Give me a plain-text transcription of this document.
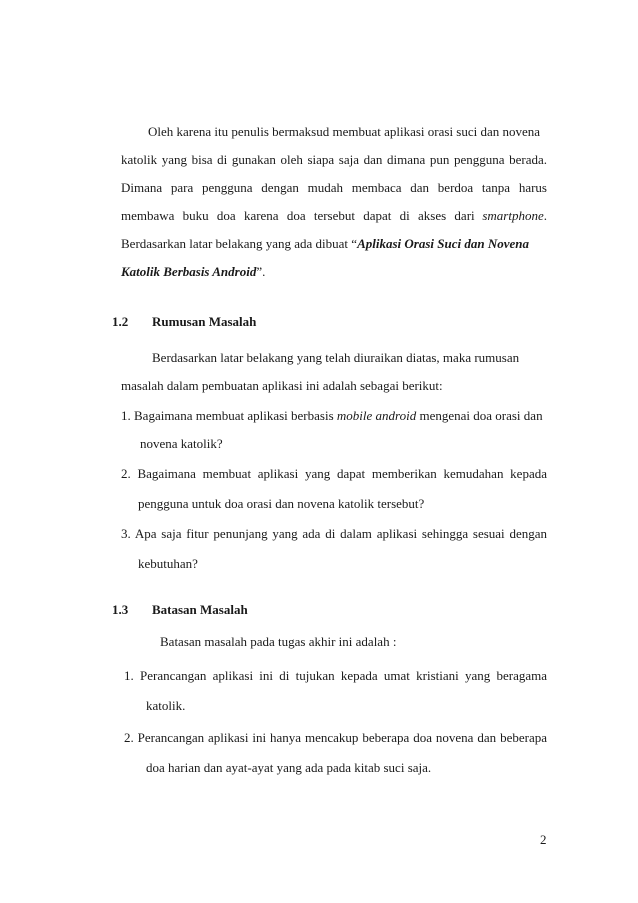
Oleh karena itu penulis bermaksud membuat aplikasi orasi suci dan novena
katolik yang bisa di gunakan oleh siapa saja dan dimana pun pengguna berada.
Dimana para pengguna dengan mudah membaca dan berdoa tanpa harus
membawa buku doa karena doa tersebut dapat di akses dari smartphone.
Berdasarkan latar belakang yang ada dibuat “Aplikasi Orasi Suci dan Novena
Katolik Berbasis Android”.
1.2 Rumusan Masalah
Berdasarkan latar belakang yang telah diuraikan diatas, maka rumusan
masalah dalam pembuatan aplikasi ini adalah sebagai berikut:
1. Bagaimana membuat aplikasi berbasis mobile android mengenai doa orasi dan
novena katolik?
2. Bagaimana membuat aplikasi yang dapat memberikan kemudahan kepada
pengguna untuk doa orasi dan novena katolik tersebut?
3. Apa saja fitur penunjang yang ada di dalam aplikasi sehingga sesuai dengan
kebutuhan?
1.3 Batasan Masalah
Batasan masalah pada tugas akhir ini adalah :
1. Perancangan aplikasi ini di tujukan kepada umat kristiani yang beragama
katolik.
2. Perancangan aplikasi ini hanya mencakup beberapa doa novena dan beberapa
doa harian dan ayat-ayat yang ada pada kitab suci saja.
2
